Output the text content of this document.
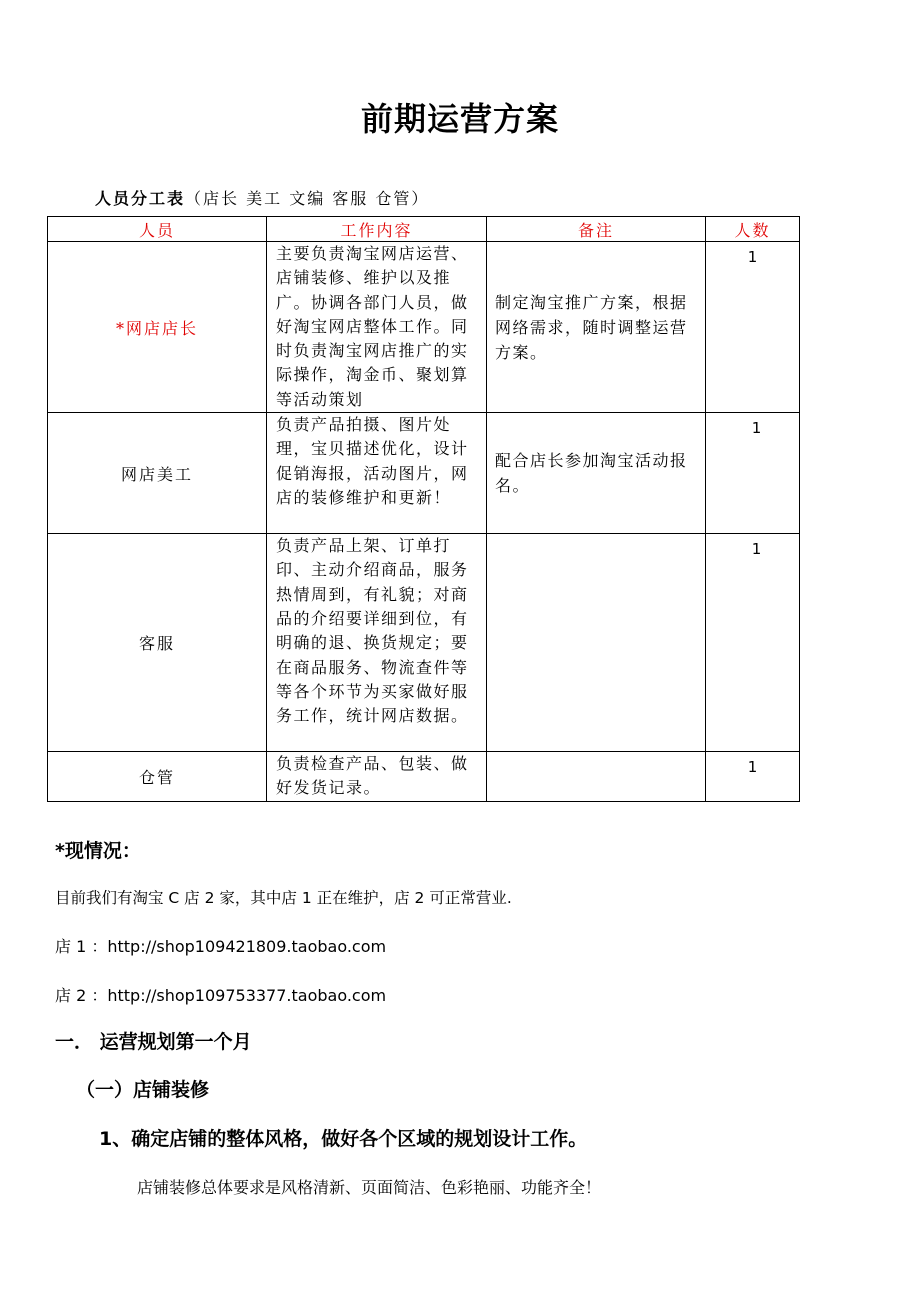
前期运营方案
人员分工表（店长 美工 文编 客服 仓管）
人员	工作内容	备注	人数
*网店店长	主要负责淘宝网店运营、店铺装修、维护以及推广。协调各部门人员，做好淘宝网店整体工作。同时负责淘宝网店推广的实际操作，淘金币、聚划算等活动策划	制定淘宝推广方案，根据网络需求，随时调整运营方案。	1
网店美工	负责产品拍摄、图片处理，宝贝描述优化，设计促销海报，活动图片，网店的装修维护和更新！	配合店长参加淘宝活动报名。	1
客服	负责产品上架、订单打印、主动介绍商品，服务热情周到，有礼貌；对商品的介绍要详细到位，有明确的退、换货规定；要在商品服务、物流查件等等各个环节为买家做好服务工作，统计网店数据。		1
仓管	负责检查产品、包装、做好发货记录。		1
*现情况：
目前我们有淘宝 C 店 2 家，其中店 1 正在维护，店 2 可正常营业.
店 1 ：http://shop109421809.taobao.com
店 2 ：http://shop109753377.taobao.com
一． 运营规划第一个月
（一）店铺装修
1、确定店铺的整体风格，做好各个区域的规划设计工作。
店铺装修总体要求是风格清新、页面简洁、色彩艳丽、功能齐全！
